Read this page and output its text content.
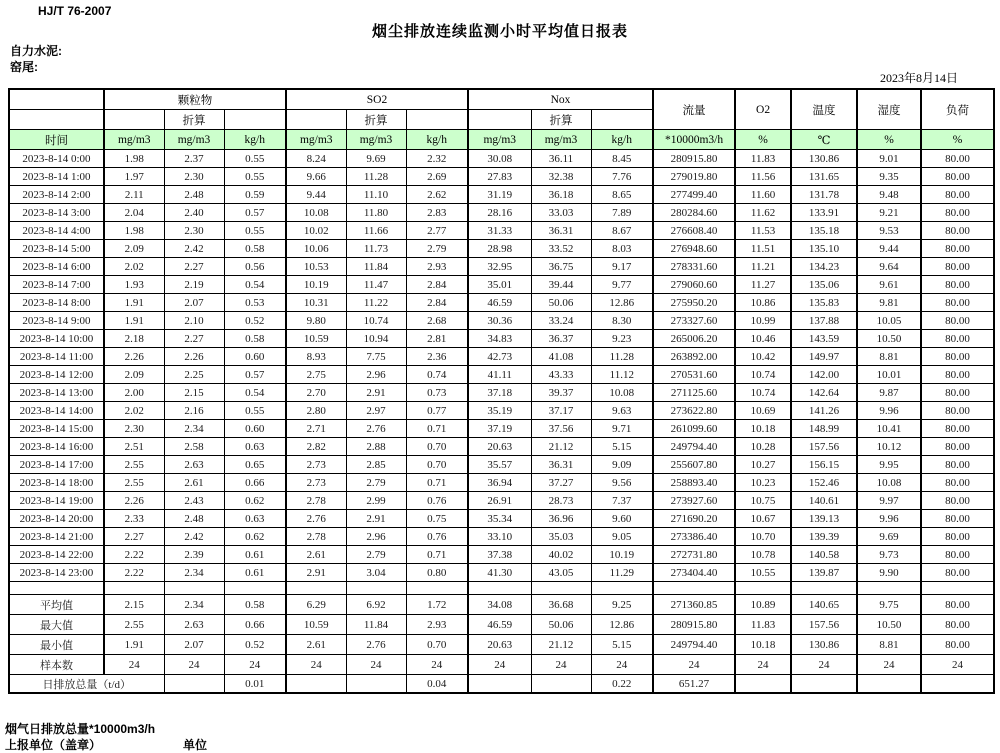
HJ/T 76-2007
烟尘排放连续监测小时平均值日报表
自力水泥:
窑尾:
2023年8月14日
	颗粒物			SO2			Nox			流量	O2	温度	湿度	负荷
		折算			折算			折算						
时间	mg/m3	mg/m3	kg/h	mg/m3	mg/m3	kg/h	mg/m3	mg/m3	kg/h	*10000m3/h	%	℃	%	%
2023-8-14 0:00	1.98	2.37	0.55	8.24	9.69	2.32	30.08	36.11	8.45	280915.80	11.83	130.86	9.01	80.00
2023-8-14 1:00	1.97	2.30	0.55	9.66	11.28	2.69	27.83	32.38	7.76	279019.80	11.56	131.65	9.35	80.00
2023-8-14 2:00	2.11	2.48	0.59	9.44	11.10	2.62	31.19	36.18	8.65	277499.40	11.60	131.78	9.48	80.00
2023-8-14 3:00	2.04	2.40	0.57	10.08	11.80	2.83	28.16	33.03	7.89	280284.60	11.62	133.91	9.21	80.00
2023-8-14 4:00	1.98	2.30	0.55	10.02	11.66	2.77	31.33	36.31	8.67	276608.40	11.53	135.18	9.53	80.00
2023-8-14 5:00	2.09	2.42	0.58	10.06	11.73	2.79	28.98	33.52	8.03	276948.60	11.51	135.10	9.44	80.00
2023-8-14 6:00	2.02	2.27	0.56	10.53	11.84	2.93	32.95	36.75	9.17	278331.60	11.21	134.23	9.64	80.00
2023-8-14 7:00	1.93	2.19	0.54	10.19	11.47	2.84	35.01	39.44	9.77	279060.60	11.27	135.06	9.61	80.00
2023-8-14 8:00	1.91	2.07	0.53	10.31	11.22	2.84	46.59	50.06	12.86	275950.20	10.86	135.83	9.81	80.00
2023-8-14 9:00	1.91	2.10	0.52	9.80	10.74	2.68	30.36	33.24	8.30	273327.60	10.99	137.88	10.05	80.00
2023-8-14 10:00	2.18	2.27	0.58	10.59	10.94	2.81	34.83	36.37	9.23	265006.20	10.46	143.59	10.50	80.00
2023-8-14 11:00	2.26	2.26	0.60	8.93	7.75	2.36	42.73	41.08	11.28	263892.00	10.42	149.97	8.81	80.00
2023-8-14 12:00	2.09	2.25	0.57	2.75	2.96	0.74	41.11	43.33	11.12	270531.60	10.74	142.00	10.01	80.00
2023-8-14 13:00	2.00	2.15	0.54	2.70	2.91	0.73	37.18	39.37	10.08	271125.60	10.74	142.64	9.87	80.00
2023-8-14 14:00	2.02	2.16	0.55	2.80	2.97	0.77	35.19	37.17	9.63	273622.80	10.69	141.26	9.96	80.00
2023-8-14 15:00	2.30	2.34	0.60	2.71	2.76	0.71	37.19	37.56	9.71	261099.60	10.18	148.99	10.41	80.00
2023-8-14 16:00	2.51	2.58	0.63	2.82	2.88	0.70	20.63	21.12	5.15	249794.40	10.28	157.56	10.12	80.00
2023-8-14 17:00	2.55	2.63	0.65	2.73	2.85	0.70	35.57	36.31	9.09	255607.80	10.27	156.15	9.95	80.00
2023-8-14 18:00	2.55	2.61	0.66	2.73	2.79	0.71	36.94	37.27	9.56	258893.40	10.23	152.46	10.08	80.00
2023-8-14 19:00	2.26	2.43	0.62	2.78	2.99	0.76	26.91	28.73	7.37	273927.60	10.75	140.61	9.97	80.00
2023-8-14 20:00	2.33	2.48	0.63	2.76	2.91	0.75	35.34	36.96	9.60	271690.20	10.67	139.13	9.96	80.00
2023-8-14 21:00	2.27	2.42	0.62	2.78	2.96	0.76	33.10	35.03	9.05	273386.40	10.70	139.39	9.69	80.00
2023-8-14 22:00	2.22	2.39	0.61	2.61	2.79	0.71	37.38	40.02	10.19	272731.80	10.78	140.58	9.73	80.00
2023-8-14 23:00	2.22	2.34	0.61	2.91	3.04	0.80	41.30	43.05	11.29	273404.40	10.55	139.87	9.90	80.00

平均值	2.15	2.34	0.58	6.29	6.92	1.72	34.08	36.68	9.25	271360.85	10.89	140.65	9.75	80.00
最大值	2.55	2.63	0.66	10.59	11.84	2.93	46.59	50.06	12.86	280915.80	11.83	157.56	10.50	80.00
最小值	1.91	2.07	0.52	2.61	2.76	0.70	20.63	21.12	5.15	249794.40	10.18	130.86	8.81	80.00
样本数	24	24	24	24	24	24	24	24	24	24	24	24	24	24
日排放总量（t/d）			0.01			0.04			0.22	651.27				
烟气日排放总量*10000m3/h
上报单位（盖章）	单位
